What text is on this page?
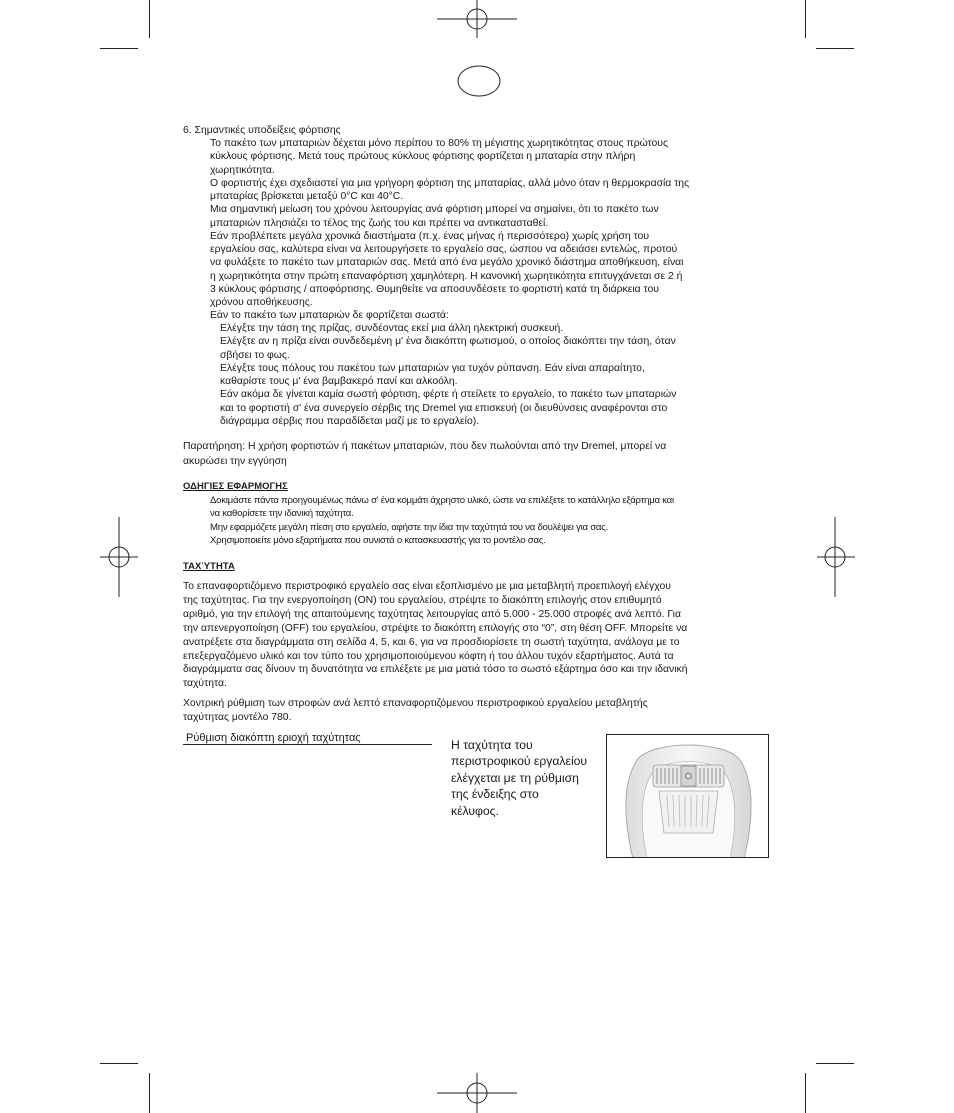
6. Σημαντικές υποδείξεις φόρτισης
Το πακέτο των μπαταριών δέχεται μόνο περίπου το 80% τη μέγιστης χωρητικότητας στους πρώτους
κύκλους φόρτισης. Μετά τους πρώτους κύκλους φόρτισης φορτίζεται η μπαταρία στην πλήρη
χωρητικότητα.
Ο φορτιστής έχει σχεδιαστεί για μια γρήγορη φόρτιση της μπαταρίας, αλλά μόνο όταν η θερμοκρασία της
μπαταρίας βρίσκεται μεταξύ 0°C και 40°C.
Μια σημαντική μείωση του χρόνου λειτουργίας ανά φόρτιση μπορεί να σημαίνει, ότι το πακέτο των
μπαταριών πλησιάζει το τέλος της ζωής του και πρέπει να αντικατασταθεί.
Εάν προβλέπετε μεγάλα χρονικά διαστήματα (π.χ. ένας μήνας ή περισσότερο) χωρίς χρήση του
εργαλείου σας, καλύτερα είναι να λειτουργήσετε το εργαλείο σας, ώσπου να αδειάσει εντελώς, προτού
να φυλάξετε το πακέτο των μπαταριών σας. Μετά από ένα μεγάλο χρονικό διάστημα αποθήκευση, είναι
η χωρητικότητα στην πρώτη επαναφόρτιση χαμηλότερη. Η κανονική χωρητικότητα επιτυγχάνεται σε 2 ή
3 κύκλους φόρτισης / αποφόρτισης. Θυμηθείτε να αποσυνδέσετε το φορτιστή κατά τη διάρκεια του
χρόνου αποθήκευσης.
Εάν το πακέτο των μπαταριών δε φορτίζεται σωστά:
Ελέγξτε την τάση της πρίζας, συνδέοντας εκεί μια άλλη ηλεκτρική συσκευή.
Ελέγξτε αν η πρίζα είναι συνδεδεμένη μ' ένα διακόπτη φωτισμού, ο οποίος διακόπτει την τάση, όταν
σβήσει το φως.
Ελέγξτε τους πόλους του πακέτου των μπαταριών για τυχόν ρύπανση. Εάν είναι απαραίτητο,
καθαρίστε τους μ' ένα βαμβακερό πανί και αλκοόλη.
Εάν ακόμα δε γίνεται καμία σωστή φόρτιση, φέρτε ή στείλετε το εργαλείο, το πακέτο των μπαταριών
και το φορτιστή σ' ένα συνεργείο σέρβις της Dremel για επισκευή (οι διευθύνσεις αναφέρονται στο
διάγραμμα σέρβις που παραδίδεται μαζί με το εργαλείο).
Παρατήρηση: Η χρήση φορτιστών ή πακέτων μπαταριών, που δεν πωλούνται από την Dremel, μπορεί να
ακυρώσει την εγγύηση
ΟΔΗΓΙΕΣ ΕΦΑΡΜΟΓΗΣ
Δοκιμάστε πάντα προηγουμένως πάνω σ' ένα κομμάτι άχρηστο υλικό, ώστε να επιλέξετε το κατάλληλο εξάρτημα και
να καθορίσετε την ιδανική ταχύτητα.
Μην εφαρμόζετε μεγάλη πίεση στο εργαλείο, αφήστε την ίδια την ταχύτητά του να δουλέψει για σας.
Χρησιμοποιείτε μόνο εξαρτήματα που συνιστά ο κατασκευαστής για το μοντέλο σας.
ΤΑΧΎΤΗΤΑ
Το επαναφορτιζόμενο περιστροφικό εργαλείο σας είναι εξοπλισμένο με μια μεταβλητή προεπιλογή ελέγχου
της ταχύτητας. Για την ενεργοποίηση (ON) του εργαλείου, στρέψτε το διακόπτη επιλογής στον επιθυμητό
αριθμό, για την επιλογή της απαιτούμενης ταχύτητας λειτουργίας από 5.000 - 25.000 στροφές ανά λεπτό. Για
την απενεργοποίηση (OFF) του εργαλείου, στρέψτε το διακόπτη επιλογής στο “0”, στη θέση OFF. Μπορείτε να
ανατρέξετε στα διαγράμματα στη σελίδα 4, 5, και 6, για να προσδιορίσετε τη σωστή ταχύτητα, ανάλογα με το
επεξεργαζόμενο υλικό και τον τύπο του χρησιμοποιούμενου κόφτη ή του άλλου τυχόν εξαρτήματος. Αυτά τα
διαγράμματα σας δίνουν τη δυνατότητα να επιλέξετε με μια ματιά τόσο το σωστό εξάρτημα όσο και την ιδανική
ταχύτητα.
Χοντρική ρύθμιση των στροφών ανά λεπτό επαναφορτιζόμενου περιστροφικού εργαλείου μεταβλητής
ταχύτητας μοντέλο 780.
Ρύθμιση διακόπτη εριοχή ταχύτητας	Η ταχύτητα του
περιστροφικού εργαλείου
ελέγχεται με τη ρύθμιση
της ένδειξης στο
κέλυφος.
